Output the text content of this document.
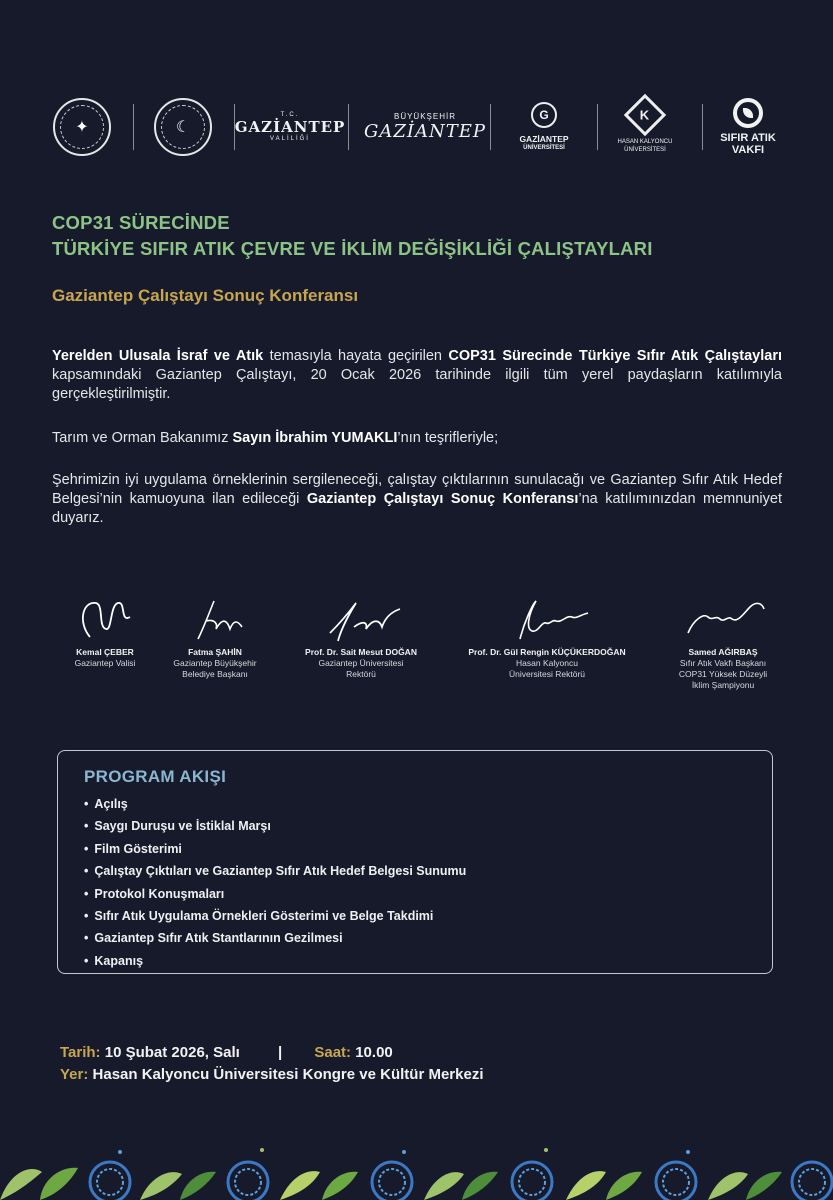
✦	☾
T.C.
GAZİANTEP
VALİLİĞİ
BÜYÜKŞEHİR
GAZİANTEP
G
GAZİANTEP
ÜNİVERSİTESİ
K
HASAN KALYONCU
ÜNİVERSİTESİ
SIFIR ATIK
VAKFI
COP31 SÜRECİNDE
TÜRKİYE SIFIR ATIK ÇEVRE VE İKLİM DEĞİŞİKLİĞİ ÇALIŞTAYLARI
Gaziantep Çalıştayı Sonuç Konferansı
Yerelden Ulusala İsraf ve Atık temasıyla hayata geçirilen COP31 Sürecinde Türkiye Sıfır Atık Çalıştayları kapsamındaki Gaziantep Çalıştayı, 20 Ocak 2026 tarihinde ilgili tüm yerel paydaşların katılımıyla gerçekleştirilmiştir.
Tarım ve Orman Bakanımız Sayın İbrahim YUMAKLI’nın teşrifleriyle;
Şehrimizin iyi uygulama örneklerinin sergileneceği, çalıştay çıktılarının sunulacağı ve Gaziantep Sıfır Atık Hedef Belgesi’nin kamuoyuna ilan edileceği Gaziantep Çalıştayı Sonuç Konferansı’na katılımınızdan memnuniyet duyarız.
Kemal ÇEBER
Gaziantep Valisi
Fatma ŞAHİN
Gaziantep Büyükşehir
Belediye Başkanı
Prof. Dr. Sait Mesut DOĞAN
Gaziantep Üniversitesi
Rektörü
Prof. Dr. Gül Rengin KÜÇÜKERDOĞAN
Hasan Kalyoncu
Üniversitesi Rektörü
Samed AĞIRBAŞ
Sıfır Atık Vakfı Başkanı
COP31 Yüksek Düzeyli
İklim Şampiyonu
PROGRAM AKIŞI
• Açılış
• Saygı Duruşu ve İstiklal Marşı
• Film Gösterimi
• Çalıştay Çıktıları ve Gaziantep Sıfır Atık Hedef Belgesi Sunumu
• Protokol Konuşmaları
• Sıfır Atık Uygulama Örnekleri Gösterimi ve Belge Takdimi
• Gaziantep Sıfır Atık Stantlarının Gezilmesi
• Kapanış
Tarih: 10 Şubat 2026, Salı	| Saat: 10.00
Yer: Hasan Kalyoncu Üniversitesi Kongre ve Kültür Merkezi
